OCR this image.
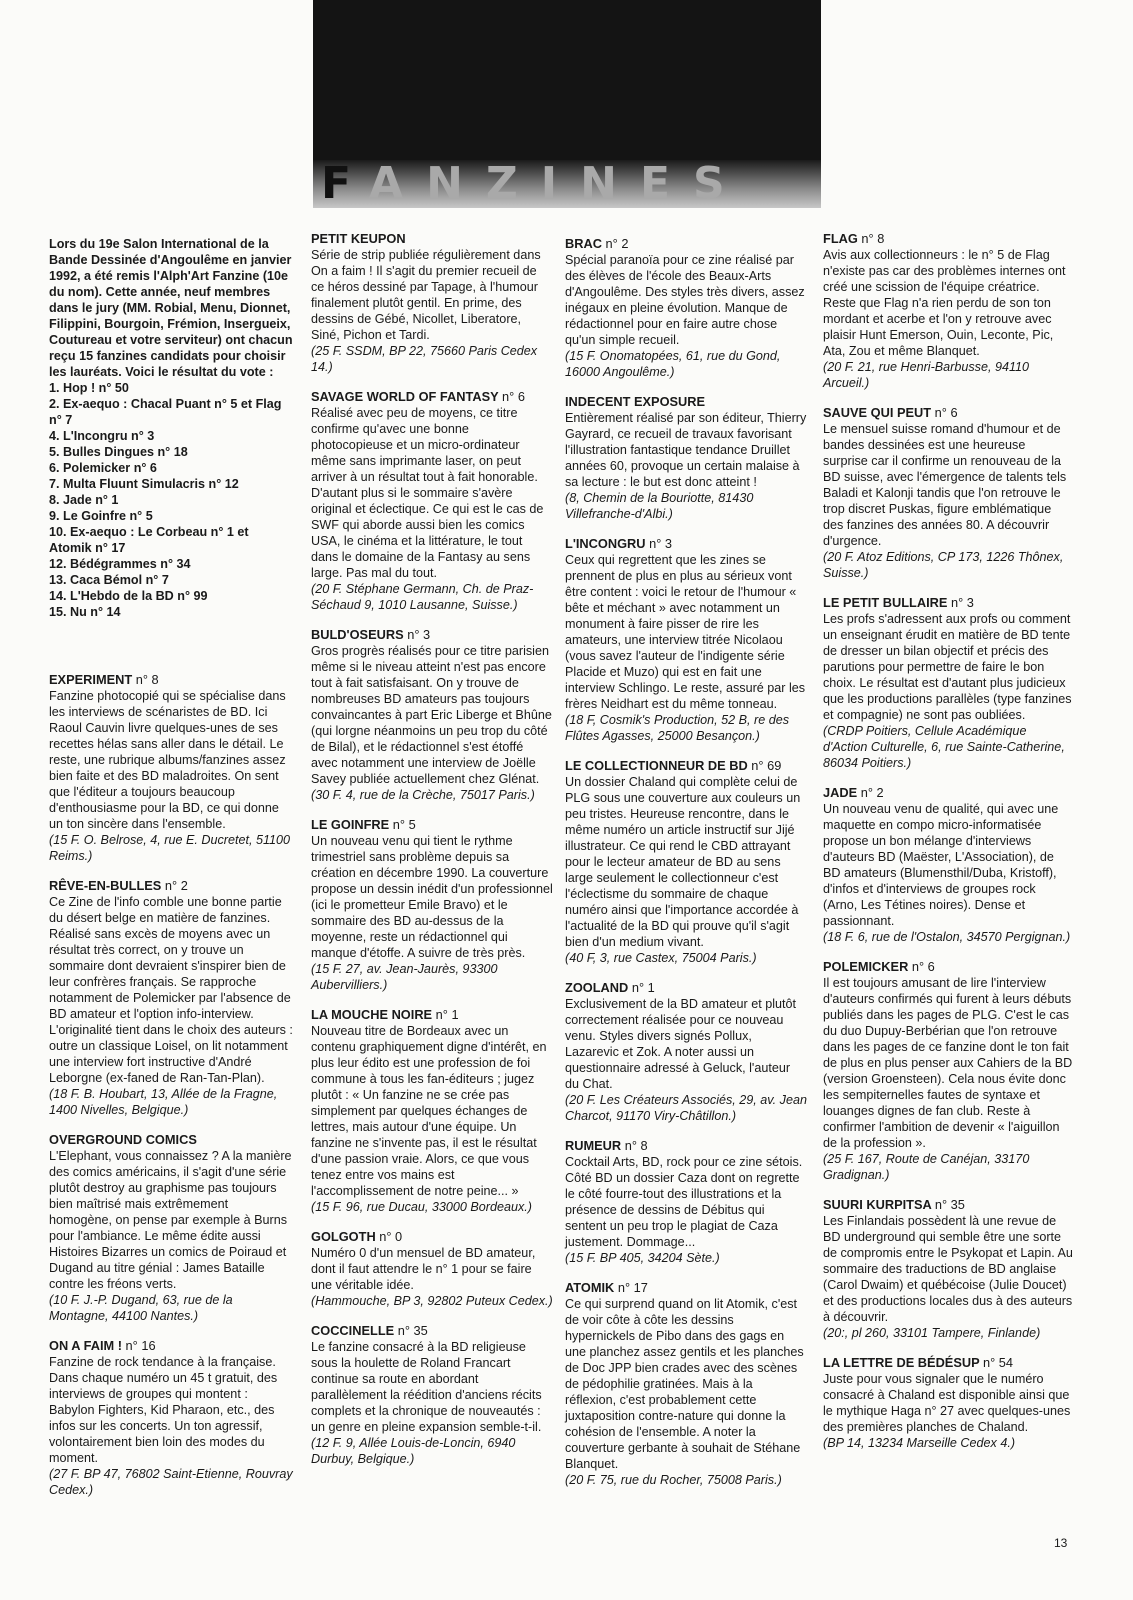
FANZINES

Lors du 19e Salon International de la Bande Dessinée d'Angoulême en janvier 1992, a été remis l'Alph'Art Fanzine (10e du nom). Cette année, neuf membres dans le jury (MM. Robial, Menu, Dionnet, Filippini, Bourgoin, Frémion, Insergueix, Coutureau et votre serviteur) ont chacun reçu 15 fanzines candidats pour choisir les lauréats. Voici le résultat du vote :

1. Hop ! n° 50
2. Ex-aequo : Chacal Puant n° 5 et Flag n° 7
4. L'Incongru n° 3
5. Bulles Dingues n° 18
6. Polemicker n° 6
7. Multa Fluunt Simulacris n° 12
8. Jade n° 1
9. Le Goinfre n° 5
10. Ex-aequo : Le Corbeau n° 1 et Atomik n° 17
12. Bédégrammes n° 34
13. Caca Bémol n° 7
14. L'Hebdo de la BD n° 99
15. Nu n° 14
EXPERIMENT n° 8

Fanzine photocopié qui se spécialise dans les interviews de scénaristes de BD. Ici Raoul Cauvin livre quelques-unes de ses recettes hélas sans aller dans le détail. Le reste, une rubrique albums/fanzines assez bien faite et des BD maladroites. On sent que l'éditeur a toujours beaucoup d'enthousiasme pour la BD, ce qui donne un ton sincère dans l'ensemble.

(15 F. O. Belrose, 4, rue E. Ducretet, 51100 Reims.)

RÊVE-EN-BULLES n° 2

Ce Zine de l'info comble une bonne partie du désert belge en matière de fanzines. Réalisé sans excès de moyens avec un résultat très correct, on y trouve un sommaire dont devraient s'inspirer bien de leur confrères français. Se rapproche notamment de Polemicker par l'absence de BD amateur et l'option info-interview. L'originalité tient dans le choix des auteurs : outre un classique Loisel, on lit notamment une interview fort instructive d'André Leborgne (ex-faned de Ran-Tan-Plan).

(18 F. B. Houbart, 13, Allée de la Fragne, 1400 Nivelles, Belgique.)

OVERGROUND COMICS

L'Elephant, vous connaissez ? A la manière des comics américains, il s'agit d'une série plutôt destroy au graphisme pas toujours bien maîtrisé mais extrêmement homogène, on pense par exemple à Burns pour l'ambiance. Le même édite aussi Histoires Bizarres un comics de Poiraud et Dugand au titre génial : James Bataille contre les fréons verts.

(10 F. J.-P. Dugand, 63, rue de la Montagne, 44100 Nantes.)

ON A FAIM ! n° 16

Fanzine de rock tendance à la française. Dans chaque numéro un 45 t gratuit, des interviews de groupes qui montent : Babylon Fighters, Kid Pharaon, etc., des infos sur les concerts. Un ton agressif, volontairement bien loin des modes du moment.

(27 F. BP 47, 76802 Saint-Etienne, Rouvray Cedex.)

PETIT KEUPON

Série de strip publiée régulièrement dans On a faim ! Il s'agit du premier recueil de ce héros dessiné par Tapage, à l'humour finalement plutôt gentil. En prime, des dessins de Gébé, Nicollet, Liberatore, Siné, Pichon et Tardi.

(25 F. SSDM, BP 22, 75660 Paris Cedex 14.)

SAVAGE WORLD OF FANTASY n° 6

Réalisé avec peu de moyens, ce titre confirme qu'avec une bonne photocopieuse et un micro-ordinateur même sans imprimante laser, on peut arriver à un résultat tout à fait honorable. D'autant plus si le sommaire s'avère original et éclectique. Ce qui est le cas de SWF qui aborde aussi bien les comics USA, le cinéma et la littérature, le tout dans le domaine de la Fantasy au sens large. Pas mal du tout.

(20 F. Stéphane Germann, Ch. de Praz-Séchaud 9, 1010 Lausanne, Suisse.)

BULD'OSEURS n° 3

Gros progrès réalisés pour ce titre parisien même si le niveau atteint n'est pas encore tout à fait satisfaisant. On y trouve de nombreuses BD amateurs pas toujours convaincantes à part Eric Liberge et Bhûne (qui lorgne néanmoins un peu trop du côté de Bilal), et le rédactionnel s'est étoffé avec notamment une interview de Joëlle Savey publiée actuellement chez Glénat.

(30 F. 4, rue de la Crèche, 75017 Paris.)

LE GOINFRE n° 5

Un nouveau venu qui tient le rythme trimestriel sans problème depuis sa création en décembre 1990. La couverture propose un dessin inédit d'un professionnel (ici le prometteur Emile Bravo) et le sommaire des BD au-dessus de la moyenne, reste un rédactionnel qui manque d'étoffe. A suivre de très près.

(15 F. 27, av. Jean-Jaurès, 93300 Aubervilliers.)

LA MOUCHE NOIRE n° 1

Nouveau titre de Bordeaux avec un contenu graphiquement digne d'intérêt, en plus leur édito est une profession de foi commune à tous les fan-éditeurs ; jugez plutôt : « Un fanzine ne se crée pas simplement par quelques échanges de lettres, mais autour d'une équipe. Un fanzine ne s'invente pas, il est le résultat d'une passion vraie. Alors, ce que vous tenez entre vos mains est l'accomplissement de notre peine... »

(15 F. 96, rue Ducau, 33000 Bordeaux.)

GOLGOTH n° 0

Numéro 0 d'un mensuel de BD amateur, dont il faut attendre le n° 1 pour se faire une véritable idée.

(Hammouche, BP 3, 92802 Puteux Cedex.)

COCCINELLE n° 35

Le fanzine consacré à la BD religieuse sous la houlette de Roland Francart continue sa route en abordant parallèlement la réédition d'anciens récits complets et la chronique de nouveautés : un genre en pleine expansion semble-t-il.

(12 F. 9, Allée Louis-de-Loncin, 6940 Durbuy, Belgique.)

BRAC n° 2

Spécial paranoïa pour ce zine réalisé par des élèves de l'école des Beaux-Arts d'Angoulême. Des styles très divers, assez inégaux en pleine évolution. Manque de rédactionnel pour en faire autre chose qu'un simple recueil.

(15 F. Onomatopées, 61, rue du Gond, 16000 Angoulême.)

INDECENT EXPOSURE

Entièrement réalisé par son éditeur, Thierry Gayrard, ce recueil de travaux favorisant l'illustration fantastique tendance Druillet années 60, provoque un certain malaise à sa lecture : le but est donc atteint !

(8, Chemin de la Bouriotte, 81430 Villefranche-d'Albi.)

L'INCONGRU n° 3

Ceux qui regrettent que les zines se prennent de plus en plus au sérieux vont être content : voici le retour de l'humour « bête et méchant » avec notamment un monument à faire pisser de rire les amateurs, une interview titrée Nicolaou (vous savez l'auteur de l'indigente série Placide et Muzo) qui est en fait une interview Schlingo. Le reste, assuré par les frères Neidhart est du même tonneau.

(18 F, Cosmik's Production, 52 B, re des Flûtes Agasses, 25000 Besançon.)

LE COLLECTIONNEUR DE BD n° 69

Un dossier Chaland qui complète celui de PLG sous une couverture aux couleurs un peu tristes. Heureuse rencontre, dans le même numéro un article instructif sur Jijé illustrateur. Ce qui rend le CBD attrayant pour le lecteur amateur de BD au sens large seulement le collectionneur c'est l'éclectisme du sommaire de chaque numéro ainsi que l'importance accordée à l'actualité de la BD qui prouve qu'il s'agit bien d'un medium vivant.

(40 F, 3, rue Castex, 75004 Paris.)

ZOOLAND n° 1

Exclusivement de la BD amateur et plutôt correctement réalisée pour ce nouveau venu. Styles divers signés Pollux, Lazarevic et Zok. A noter aussi un questionnaire adressé à Geluck, l'auteur du Chat.

(20 F. Les Créateurs Associés, 29, av. Jean Charcot, 91170 Viry-Châtillon.)

RUMEUR n° 8

Cocktail Arts, BD, rock pour ce zine sétois. Côté BD un dossier Caza dont on regrette le côté fourre-tout des illustrations et la présence de dessins de Débitus qui sentent un peu trop le plagiat de Caza justement. Dommage...

(15 F. BP 405, 34204 Sète.)

ATOMIK n° 17

Ce qui surprend quand on lit Atomik, c'est de voir côte à côte les dessins hypernickels de Pibo dans des gags en une planchez assez gentils et les planches de Doc JPP bien crades avec des scènes de pédophilie gratinées. Mais à la réflexion, c'est probablement cette juxtaposition contre-nature qui donne la cohésion de l'ensemble. A noter la couverture gerbante à souhait de Stéhane Blanquet.

(20 F. 75, rue du Rocher, 75008 Paris.)

FLAG n° 8

Avis aux collectionneurs : le n° 5 de Flag n'existe pas car des problèmes internes ont créé une scission de l'équipe créatrice. Reste que Flag n'a rien perdu de son ton mordant et acerbe et l'on y retrouve avec plaisir Hunt Emerson, Ouin, Leconte, Pic, Ata, Zou et même Blanquet.

(20 F. 21, rue Henri-Barbusse, 94110 Arcueil.)

SAUVE QUI PEUT n° 6

Le mensuel suisse romand d'humour et de bandes dessinées est une heureuse surprise car il confirme un renouveau de la BD suisse, avec l'émergence de talents tels Baladi et Kalonji tandis que l'on retrouve le trop discret Puskas, figure emblématique des fanzines des années 80. A découvrir d'urgence.

(20 F. Atoz Editions, CP 173, 1226 Thônex, Suisse.)

LE PETIT BULLAIRE n° 3

Les profs s'adressent aux profs ou comment un enseignant érudit en matière de BD tente de dresser un bilan objectif et précis des parutions pour permettre de faire le bon choix. Le résultat est d'autant plus judicieux que les productions parallèles (type fanzines et compagnie) ne sont pas oubliées.

(CRDP Poitiers, Cellule Académique d'Action Culturelle, 6, rue Sainte-Catherine, 86034 Poitiers.)

JADE n° 2

Un nouveau venu de qualité, qui avec une maquette en compo micro-informatisée propose un bon mélange d'interviews d'auteurs BD (Maëster, L'Association), de BD amateurs (Blumensthil/Duba, Kristoff), d'infos et d'interviews de groupes rock (Arno, Les Tétines noires). Dense et passionnant.

(18 F. 6, rue de l'Ostalon, 34570 Pergignan.)

POLEMICKER n° 6

Il est toujours amusant de lire l'interview d'auteurs confirmés qui furent à leurs débuts publiés dans les pages de PLG. C'est le cas du duo Dupuy-Berbérian que l'on retrouve dans les pages de ce fanzine dont le ton fait de plus en plus penser aux Cahiers de la BD (version Groensteen). Cela nous évite donc les sempiternelles fautes de syntaxe et louanges dignes de fan club. Reste à confirmer l'ambition de devenir « l'aiguillon de la profession ».

(25 F. 167, Route de Canéjan, 33170 Gradignan.)

SUURI KURPITSA n° 35

Les Finlandais possèdent là une revue de BD underground qui semble être une sorte de compromis entre le Psykopat et Lapin. Au sommaire des traductions de BD anglaise (Carol Dwaim) et québécoise (Julie Doucet) et des productions locales dus à des auteurs à découvrir.

(20:, pl 260, 33101 Tampere, Finlande)

LA LETTRE DE BÉDÉSUP n° 54

Juste pour vous signaler que le numéro consacré à Chaland est disponible ainsi que le mythique Haga n° 27 avec quelques-unes des premières planches de Chaland.

(BP 14, 13234 Marseille Cedex 4.)

13
